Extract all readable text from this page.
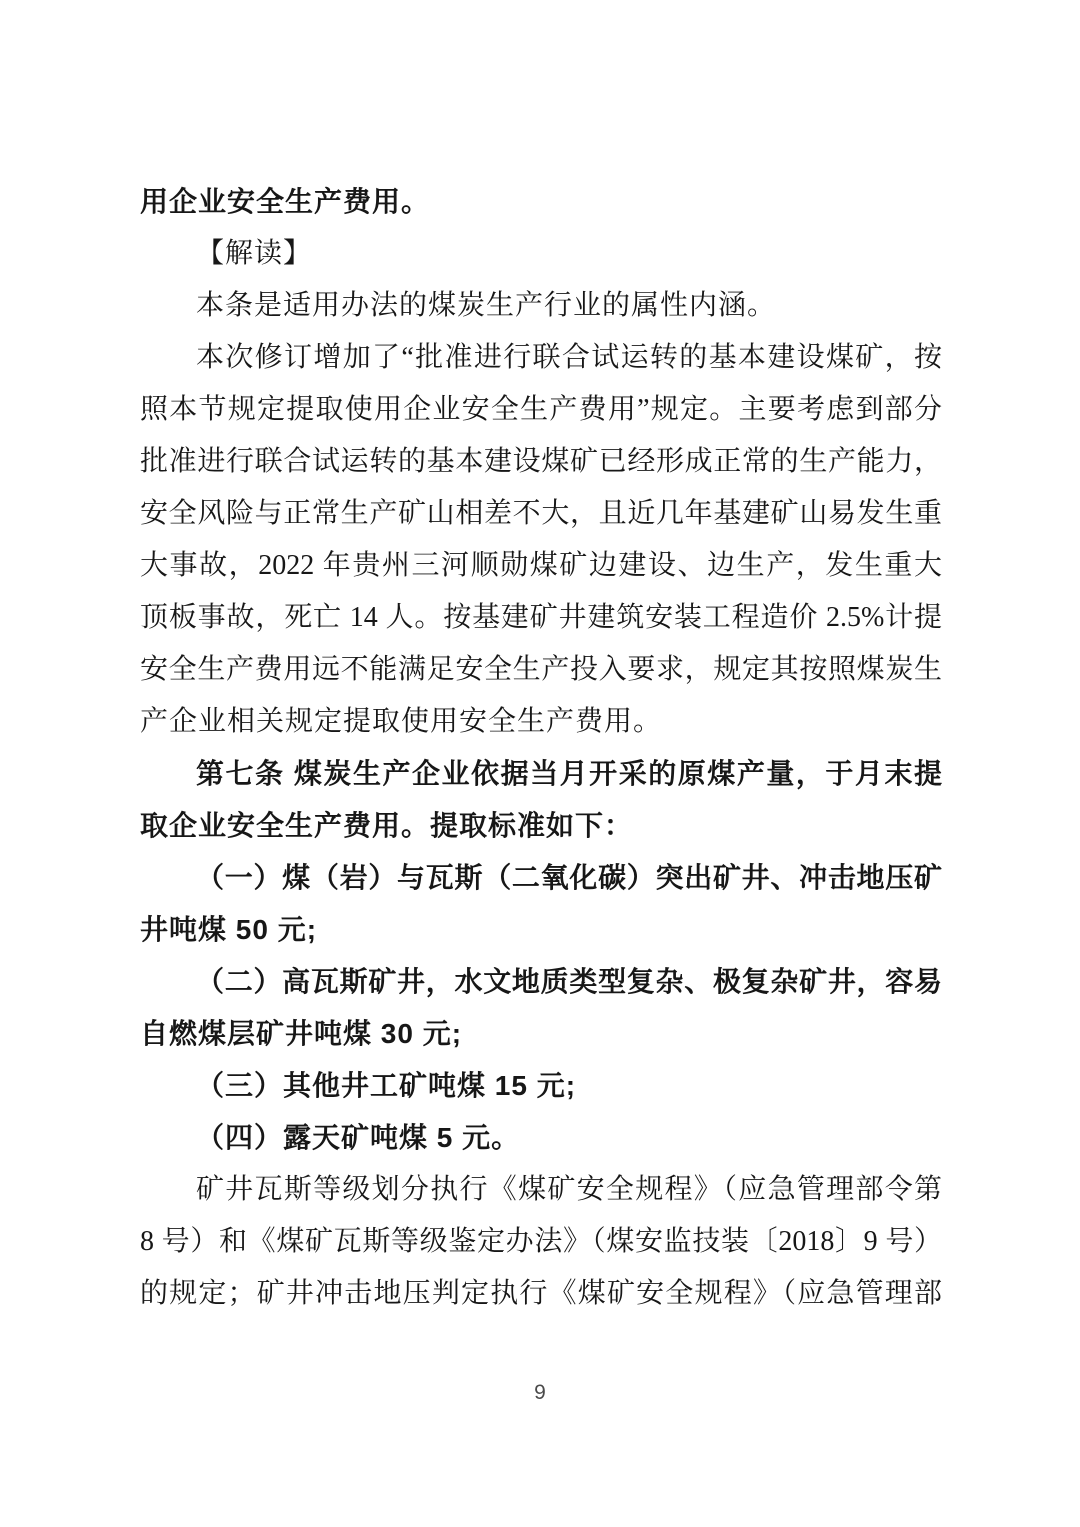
用企业安全生产费用。
【解读】
本条是适用办法的煤炭生产行业的属性内涵。
本次修订增加了“批准进行联合试运转的基本建设煤矿，按
照本节规定提取使用企业安全生产费用”规定。主要考虑到部分
批准进行联合试运转的基本建设煤矿已经形成正常的生产能力，
安全风险与正常生产矿山相差不大，且近几年基建矿山易发生重
大事故，2022 年贵州三河顺勋煤矿边建设、边生产，发生重大
顶板事故，死亡 14 人。按基建矿井建筑安装工程造价 2.5%计提
安全生产费用远不能满足安全生产投入要求，规定其按照煤炭生
产企业相关规定提取使用安全生产费用。
第七条 煤炭生产企业依据当月开采的原煤产量，于月末提
取企业安全生产费用。提取标准如下：
（一）煤（岩）与瓦斯（二氧化碳）突出矿井、冲击地压矿
井吨煤 50 元;
（二）高瓦斯矿井，水文地质类型复杂、极复杂矿井，容易
自燃煤层矿井吨煤 30 元;
（三）其他井工矿吨煤 15 元;
（四）露天矿吨煤 5 元。
矿井瓦斯等级划分执行《煤矿安全规程》（应急管理部令第
8 号）和《煤矿瓦斯等级鉴定办法》（煤安监技装〔2018〕9 号）
的规定；矿井冲击地压判定执行《煤矿安全规程》（应急管理部
9
